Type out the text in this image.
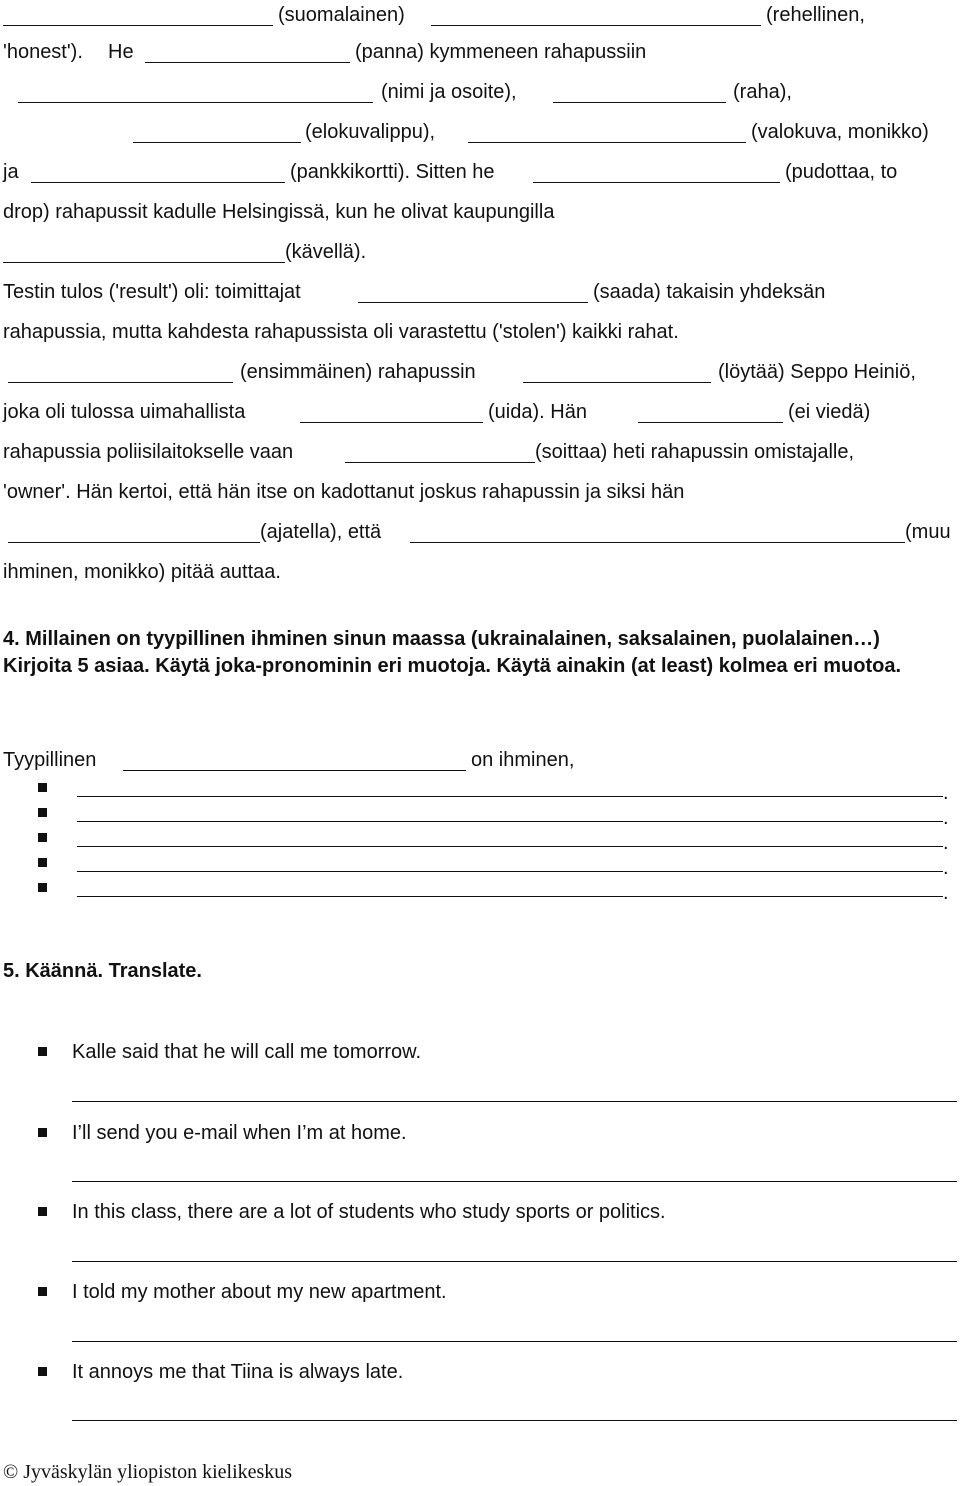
(suomalainen)	(rehellinen,
'honest'). He	(panna) kymmeneen rahapussiin
(nimi ja osoite),	(raha),
(elokuvalippu),	(valokuva, monikko)
ja	(pankkikortti). Sitten he	(pudottaa, to
drop) rahapussit kadulle Helsingissä, kun he olivat kaupungilla
(kävellä).
Testin tulos ('result') oli: toimittajat	(saada) takaisin yhdeksän
rahapussia, mutta kahdesta rahapussista oli varastettu ('stolen') kaikki rahat.
(ensimmäinen) rahapussin	(löytää) Seppo Heiniö,
joka oli tulossa uimahallista	(uida). Hän	(ei viedä)
rahapussia poliisilaitokselle vaan	(soittaa) heti rahapussin omistajalle,
'owner'. Hän kertoi, että hän itse on kadottanut joskus rahapussin ja siksi hän
(ajatella), että	(muu
ihminen, monikko) pitää auttaa.
4. Millainen on tyypillinen ihminen sinun maassa (ukrainalainen, saksalainen, puolalainen…) Kirjoita 5 asiaa. Käytä joka-pronominin eri muotoja. Käytä ainakin (at least) kolmea eri muotoa.
Tyypillinen	on ihminen,
.
.
.
.
.
5. Käännä. Translate.
Kalle said that he will call me tomorrow.
I’ll send you e-mail when I’m at home.
In this class, there are a lot of students who study sports or politics.
I told my mother about my new apartment.
It annoys me that Tiina is always late.
© Jyväskylän yliopiston kielikeskus
